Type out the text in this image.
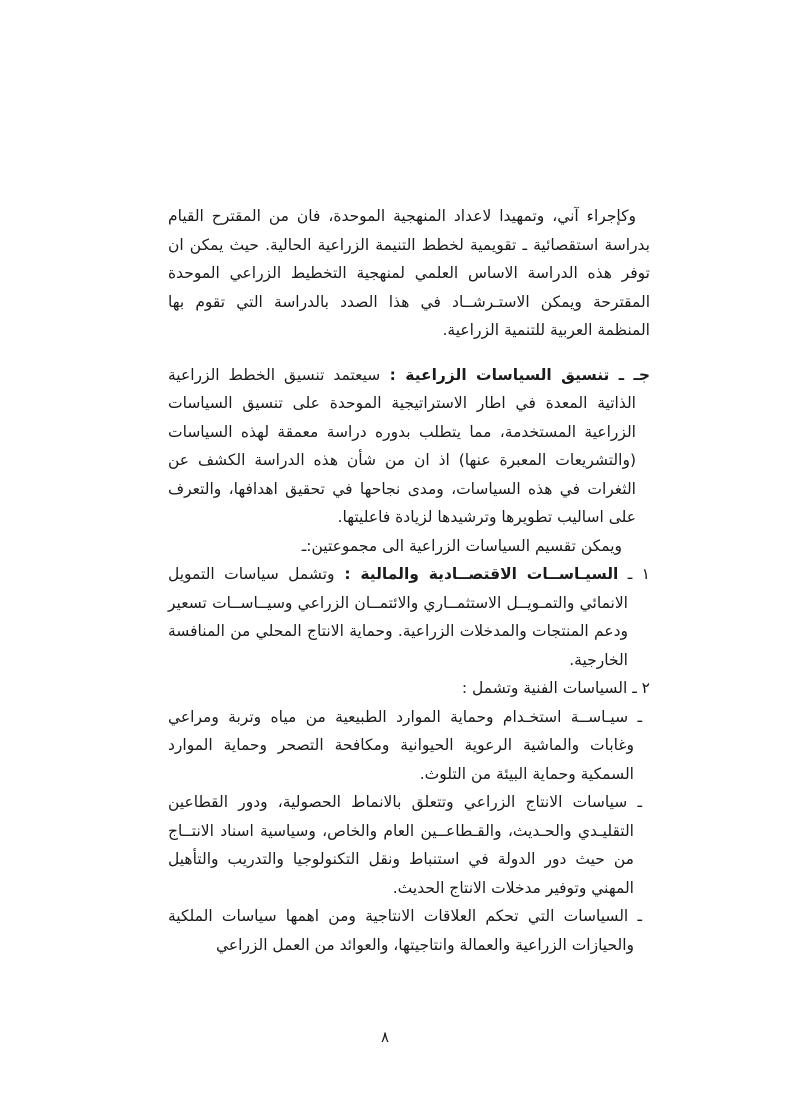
وكإجراء آني، وتمهيدا لاعداد المنهجية الموحدة، فان من المقترح القيام بدراسة استقصائية ـ تقويمية لخطط التنيمة الزراعية الحالية. حيث يمكن ان توفر هذه الدراسة الاساس العلمي لمنهجية التخطيط الزراعي الموحدة المقترحة ويمكن الاستـرشــاد في هذا الصدد بالدراسة التي تقوم بها المنظمة العربية للتنمية الزراعية.

جـ ـ تنسيق السياسات الزراعية : سيعتمد تنسيق الخطط الزراعية الذاتية المعدة في اطار الاستراتيجية الموحدة على تنسيق السياسات الزراعية المستخدمة، مما يتطلب بدوره دراسة معمقة لهذه السياسات (والتشريعات المعبرة عنها) اذ ان من شأن هذه الدراسة الكشف عن الثغرات في هذه السياسات، ومدى نجاحها في تحقيق اهدافها، والتعرف على اساليب تطويرها وترشيدها لزيادة فاعليتها.

ويمكن تقسيم السياسات الزراعية الى مجموعتين:ـ

١ ـ السيـاســات الاقتصــادية والمالية : وتشمل سياسات التمويل الانمائي والتمـويــل الاستثمــاري والائتمــان الزراعي وسيــاســات تسعير ودعم المنتجات والمدخلات الزراعية. وحماية الانتاج المحلي من المنافسة الخارجية.

٢ ـ السياسات الفنية وتشمل :

ـ سيـاســة استخـدام وحماية الموارد الطبيعية من مياه وتربة ومراعي وغابات والماشية الرعوية الحيوانية ومكافحة التصحر وحماية الموارد السمكية وحماية البيئة من التلوث.

ـ سياسات الانتاج الزراعي وتتعلق بالانماط الحصولية، ودور القطاعين التقليـدي والحـديث، والقـطاعــين العام والخاص، وسياسية اسناد الانتــاج من حيث دور الدولة في استنباط ونقل التكنولوجيا والتدريب والتأهيل المهني وتوفير مدخلات الانتاج الحديث.

ـ السياسات التي تحكم العلاقات الانتاجية ومن اهمها سياسات الملكية والحيازات الزراعية والعمالة وانتاجيتها، والعوائد من العمل الزراعي

٨
